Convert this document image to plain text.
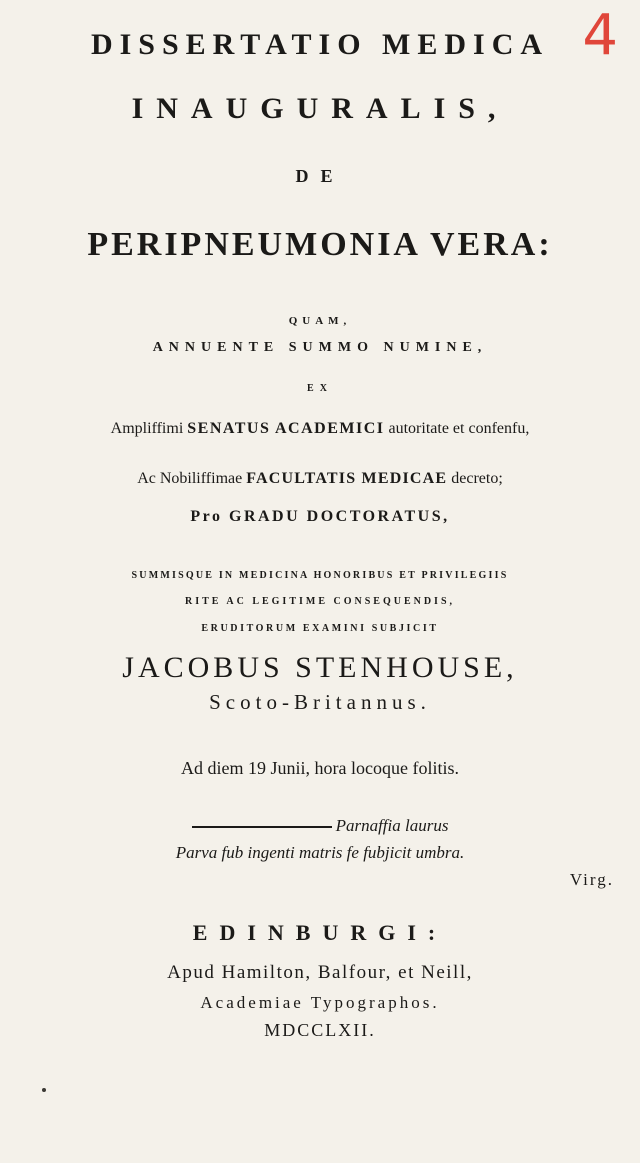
4
DISSERTATIO MEDICA
INAUGURALIS,
DE
PERIPNEUMONIA VERA:
QUAM,
ANNUENTE SUMMO NUMINE,
EX
Ampliffimi SENATUS ACADEMICI autoritate et confenfu,
Ac Nobiliffimae FACULTATIS MEDICAE decreto;
Pro GRADU DOCTORATUS,
SUMMISQUE IN MEDICINA HONORIBUS ET PRIVILEGIIS
RITE AC LEGITIME CONSEQUENDIS,
ERUDITORUM EXAMINI SUBJICIT
JACOBUS STENHOUSE,
Scoto-Britannus.
Ad diem 19 Junii, hora locoque folitis.
Parnaffia laurus
Parva fub ingenti matris fe fubjicit umbra.
Virg.
EDINBURGI:
Apud Hamilton, Balfour, et Neill,
Academiae Typographos.
MDCCLXII.
